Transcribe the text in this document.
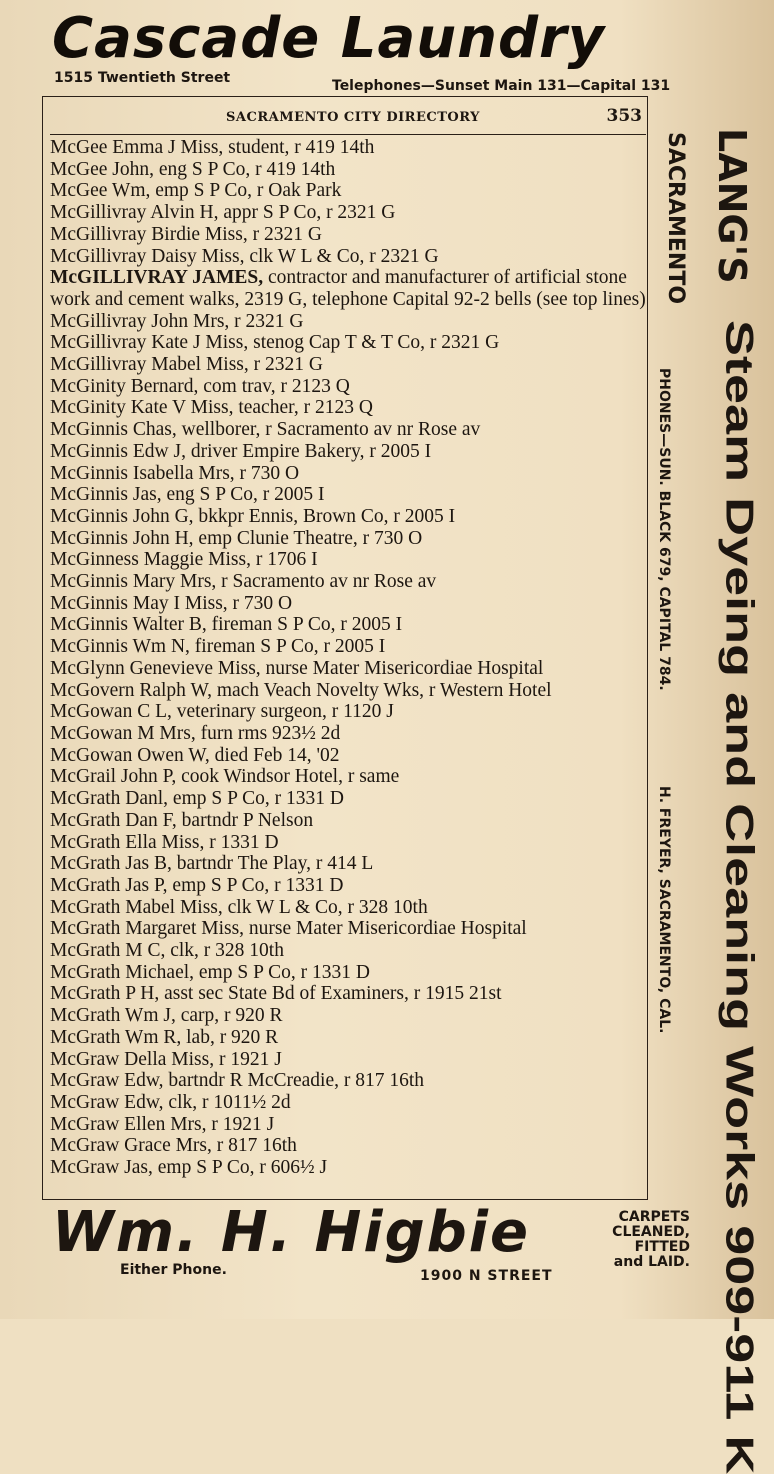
Cascade Laundry
1515 Twentieth Street	Telephones—Sunset Main 131—Capital 131
SACRAMENTO CITY DIRECTORY	353
McGee Emma J Miss, student, r 419 14th
McGee John, eng S P Co, r 419 14th
McGee Wm, emp S P Co, r Oak Park
McGillivray Alvin H, appr S P Co, r 2321 G
McGillivray Birdie Miss, r 2321 G
McGillivray Daisy Miss, clk W L & Co, r 2321 G
McGILLIVRAY JAMES, contractor and manufacturer of artificial stone work and cement walks, 2319 G, telephone Capital 92-2 bells (see top lines)
McGillivray John Mrs, r 2321 G
McGillivray Kate J Miss, stenog Cap T & T Co, r 2321 G
McGillivray Mabel Miss, r 2321 G
McGinity Bernard, com trav, r 2123 Q
McGinity Kate V Miss, teacher, r 2123 Q
McGinnis Chas, wellborer, r Sacramento av nr Rose av
McGinnis Edw J, driver Empire Bakery, r 2005 I
McGinnis Isabella Mrs, r 730 O
McGinnis Jas, eng S P Co, r 2005 I
McGinnis John G, bkkpr Ennis, Brown Co, r 2005 I
McGinnis John H, emp Clunie Theatre, r 730 O
McGinness Maggie Miss, r 1706 I
McGinnis Mary Mrs, r Sacramento av nr Rose av
McGinnis May I Miss, r 730 O
McGinnis Walter B, fireman S P Co, r 2005 I
McGinnis Wm N, fireman S P Co, r 2005 I
McGlynn Genevieve Miss, nurse Mater Misericordiae Hospital
McGovern Ralph W, mach Veach Novelty Wks, r Western Hotel
McGowan C L, veterinary surgeon, r 1120 J
McGowan M Mrs, furn rms 923½ 2d
McGowan Owen W, died Feb 14, '02
McGrail John P, cook Windsor Hotel, r same
McGrath Danl, emp S P Co, r 1331 D
McGrath Dan F, bartndr P Nelson
McGrath Ella Miss, r 1331 D
McGrath Jas B, bartndr The Play, r 414 L
McGrath Jas P, emp S P Co, r 1331 D
McGrath Mabel Miss, clk W L & Co, r 328 10th
McGrath Margaret Miss, nurse Mater Misericordiae Hospital
McGrath M C, clk, r 328 10th
McGrath Michael, emp S P Co, r 1331 D
McGrath P H, asst sec State Bd of Examiners, r 1915 21st
McGrath Wm J, carp, r 920 R
McGrath Wm R, lab, r 920 R
McGraw Della Miss, r 1921 J
McGraw Edw, bartndr R McCreadie, r 817 16th
McGraw Edw, clk, r 1011½ 2d
McGraw Ellen Mrs, r 1921 J
McGraw Grace Mrs, r 817 16th
McGraw Jas, emp S P Co, r 606½ J
LANG'S
SACRAMENTO
Steam Dyeing and Cleaning Works 909-911 K
PHONES—SUN. BLACK 679, CAPITAL 784.
H. FREYER, SACRAMENTO, CAL.
Wm. H. Higbie
Either Phone.	1900 N STREET
CARPETS
CLEANED,
FITTED
and LAID.
